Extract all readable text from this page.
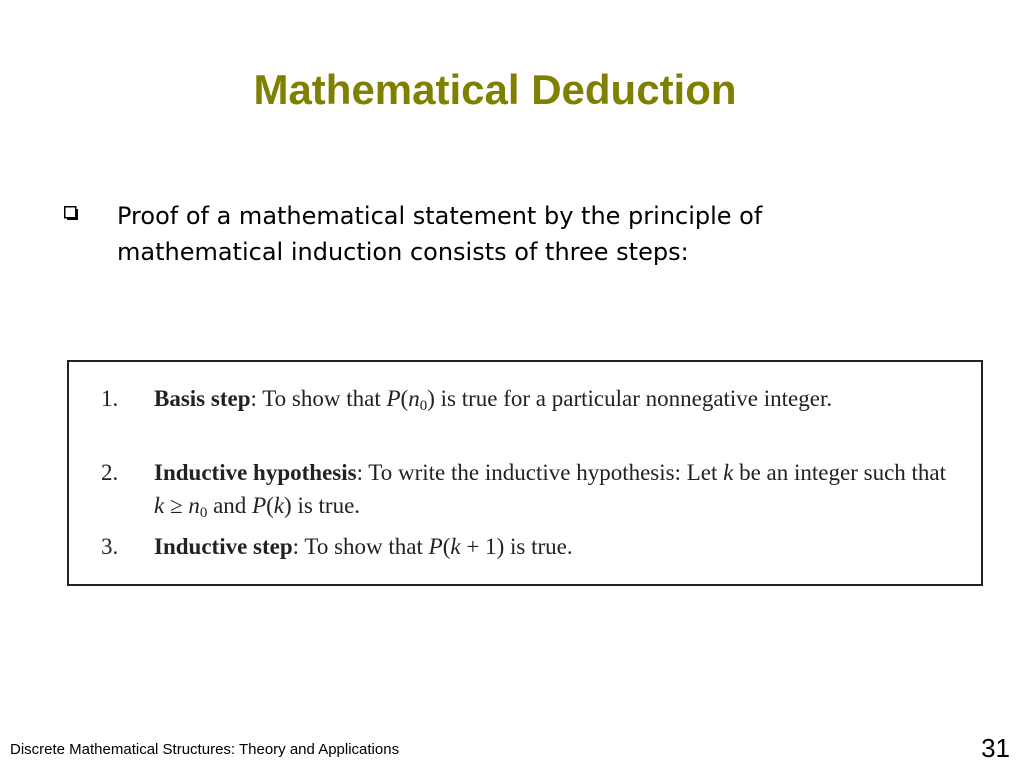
Mathematical Deduction

Proof of a mathematical statement by the principle of mathematical induction consists of three steps:

1. Basis step: To show that $P(n_0)$ is true for a particular nonnegative integer.
2. Inductive hypothesis: To write the inductive hypothesis: Let k be an integer such that $k \ge n_0$ and P(k) is true.
3. Inductive step: To show that P(k + 1) is true.
Discrete Mathematical Structures: Theory and Applications	31
